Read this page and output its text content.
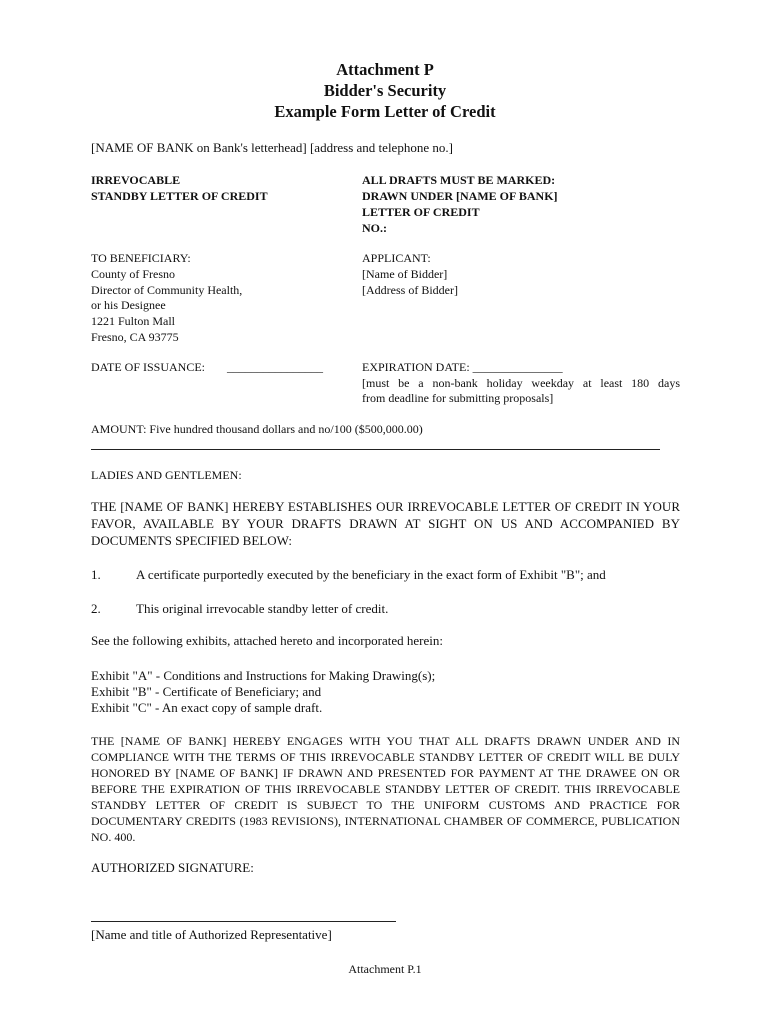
Attachment P
Bidder's Security
Example Form Letter of Credit
[NAME OF BANK on Bank's letterhead] [address and telephone no.]
IRREVOCABLE
STANDBY LETTER OF CREDIT
ALL DRAFTS MUST BE MARKED:
DRAWN UNDER [NAME OF BANK]
LETTER OF CREDIT
NO.:
TO BENEFICIARY:
County of Fresno
Director of Community Health,
or his Designee
1221 Fulton Mall
Fresno, CA 93775
APPLICANT:
[Name of Bidder]
[Address of Bidder]
DATE OF ISSUANCE: ________________	EXPIRATION DATE: _______________
[must be a non-bank holiday weekday at least 180 days
from deadline for submitting proposals]
AMOUNT: Five hundred thousand dollars and no/100 ($500,000.00)
LADIES AND GENTLEMEN:
THE [NAME OF BANK] HEREBY ESTABLISHES OUR IRREVOCABLE LETTER OF CREDIT IN YOUR FAVOR, AVAILABLE BY YOUR DRAFTS DRAWN AT SIGHT ON US AND ACCOMPANIED BY DOCUMENTS SPECIFIED BELOW:
1.	A certificate purportedly executed by the beneficiary in the exact form of Exhibit "B"; and
2.	This original irrevocable standby letter of credit.
See the following exhibits, attached hereto and incorporated herein:
Exhibit "A" - Conditions and Instructions for Making Drawing(s);
Exhibit "B" - Certificate of Beneficiary; and
Exhibit "C" - An exact copy of sample draft.
THE [NAME OF BANK] HEREBY ENGAGES WITH YOU THAT ALL DRAFTS DRAWN UNDER AND IN COMPLIANCE WITH THE TERMS OF THIS IRREVOCABLE STANDBY LETTER OF CREDIT WILL BE DULY HONORED BY [NAME OF BANK] IF DRAWN AND PRESENTED FOR PAYMENT AT THE DRAWEE ON OR BEFORE THE EXPIRATION OF THIS IRREVOCABLE STANDBY LETTER OF CREDIT. THIS IRREVOCABLE STANDBY LETTER OF CREDIT IS SUBJECT TO THE UNIFORM CUSTOMS AND PRACTICE FOR DOCUMENTARY CREDITS (1983 REVISIONS), INTERNATIONAL CHAMBER OF COMMERCE, PUBLICATION NO. 400.
AUTHORIZED SIGNATURE:
[Name and title of Authorized Representative]
Attachment P.1
